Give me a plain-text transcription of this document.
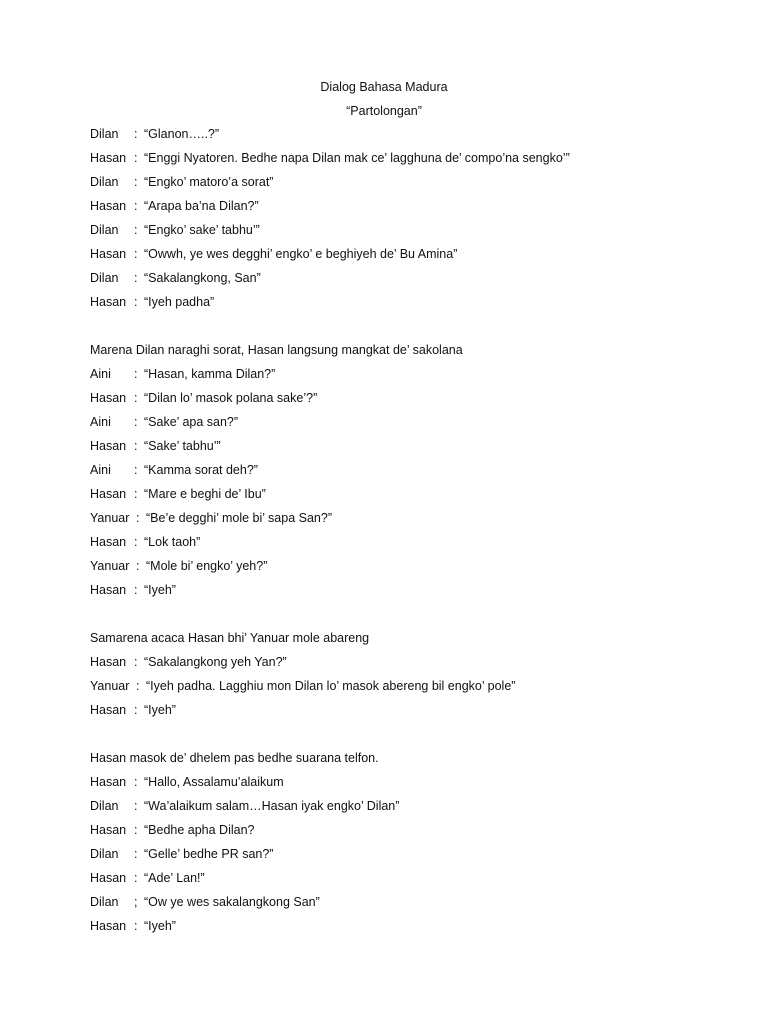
Dialog Bahasa Madura
“Partolongan”
Dilan	: “Glanon…..?”
Hasan : “Enggi Nyatoren. Bedhe napa Dilan mak ce’ lagghuna de’ compo’na sengko’”
Dilan	: “Engko’ matoro’a sorat”
Hasan : “Arapa ba’na Dilan?”
Dilan	: “Engko’ sake’ tabhu’”
Hasan : “Owwh, ye wes degghi’ engko’ e beghiyeh de’ Bu Amina”
Dilan	: “Sakalangkong, San”
Hasan : “Iyeh padha”
Marena Dilan naraghi sorat, Hasan langsung mangkat de’ sakolana
Aini	: “Hasan, kamma Dilan?”
Hasan : “Dilan lo’ masok polana sake’?”
Aini	: “Sake’ apa san?”
Hasan : “Sake’ tabhu’”
Aini	: “Kamma sorat deh?”
Hasan : “Mare e beghi de’ Ibu”
Yanuar : “Be’e degghi’ mole bi’ sapa San?”
Hasan : “Lok taoh”
Yanuar : “Mole bi’ engko’ yeh?”
Hasan : “Iyeh”
Samarena acaca Hasan bhi’ Yanuar mole abareng
Hasan : “Sakalangkong yeh Yan?”
Yanuar : “Iyeh padha. Lagghiu mon Dilan lo’ masok abereng bil engko’ pole”
Hasan : “Iyeh”
Hasan masok de’ dhelem pas bedhe suarana telfon.
Hasan : “Hallo, Assalamu’alaikum
Dilan	: “Wa’alaikum salam…Hasan iyak engko’ Dilan”
Hasan : “Bedhe apha Dilan?
Dilan	: “Gelle’ bedhe PR san?”
Hasan : “Ade’ Lan!”
Dilan	; “Ow ye wes sakalangkong San”
Hasan : “Iyeh”
